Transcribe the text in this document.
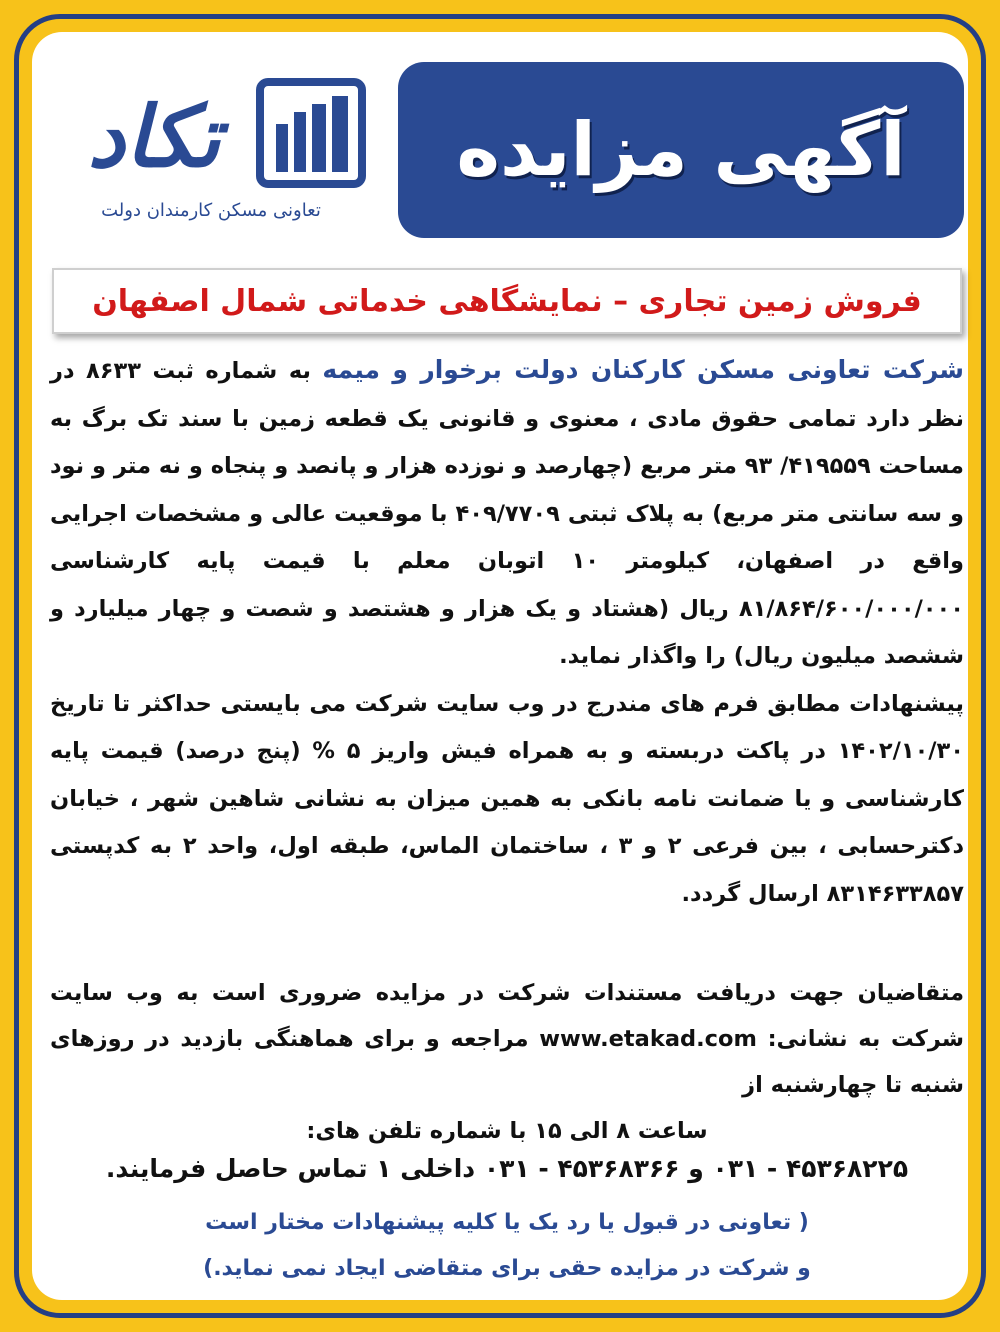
آگهی مزایده
تکاد
تعاونی مسکن کارمندان دولت
فروش زمین تجاری – نمایشگاهی خدماتی شمال اصفهان
شرکت تعاونی مسکن کارکنان دولت برخوار و میمه به شماره ثبت ۸۶۳۳ در نظر دارد تمامی حقوق مادی ، معنوی و قانونی یک قطعه زمین با سند تک برگ به مساحت ۴۱۹۵۵۹/ ۹۳ متر مربع (چهارصد و نوزده هزار و پانصد و پنجاه و نه متر و نود و سه سانتی متر مربع) به پلاک ثبتی ۴۰۹/۷۷۰۹ با موقعیت عالی و مشخصات اجرایی واقع در اصفهان، کیلومتر ۱۰ اتوبان معلم با قیمت پایه کارشناسی ۸۱/۸۶۴/۶۰۰/۰۰۰/۰۰۰ ریال (هشتاد و یک هزار و هشتصد و شصت و چهار میلیارد و ششصد میلیون ریال) را واگذار نماید.
پیشنهادات مطابق فرم های مندرج در وب سایت شرکت می بایستی حداکثر تا تاریخ ۱۴۰۲/۱۰/۳۰ در پاکت دربسته و به همراه فیش واریز ۵ % (پنج درصد) قیمت پایه کارشناسی و یا ضمانت نامه بانکی به همین میزان به نشانی شاهین شهر ، خیابان دکترحسابی ، بین فرعی ۲ و ۳ ، ساختمان الماس، طبقه اول، واحد ۲ به کدپستی ۸۳۱۴۶۳۳۸۵۷ ارسال گردد.
متقاضیان جهت دریافت مستندات شرکت در مزایده ضروری است به وب سایت شرکت به نشانی: www.etakad.com مراجعه و برای هماهنگی بازدید در روزهای شنبه تا چهارشنبه از
ساعت ۸ الی ۱۵ با شماره تلفن های:
۴۵۳۶۸۲۲۵ - ۰۳۱ و ۴۵۳۶۸۳۶۶ - ۰۳۱ داخلی ۱ تماس حاصل فرمایند.
( تعاونی در قبول یا رد یک یا کلیه پیشنهادات مختار است
و شرکت در مزایده حقی برای متقاضی ایجاد نمی نماید.)
